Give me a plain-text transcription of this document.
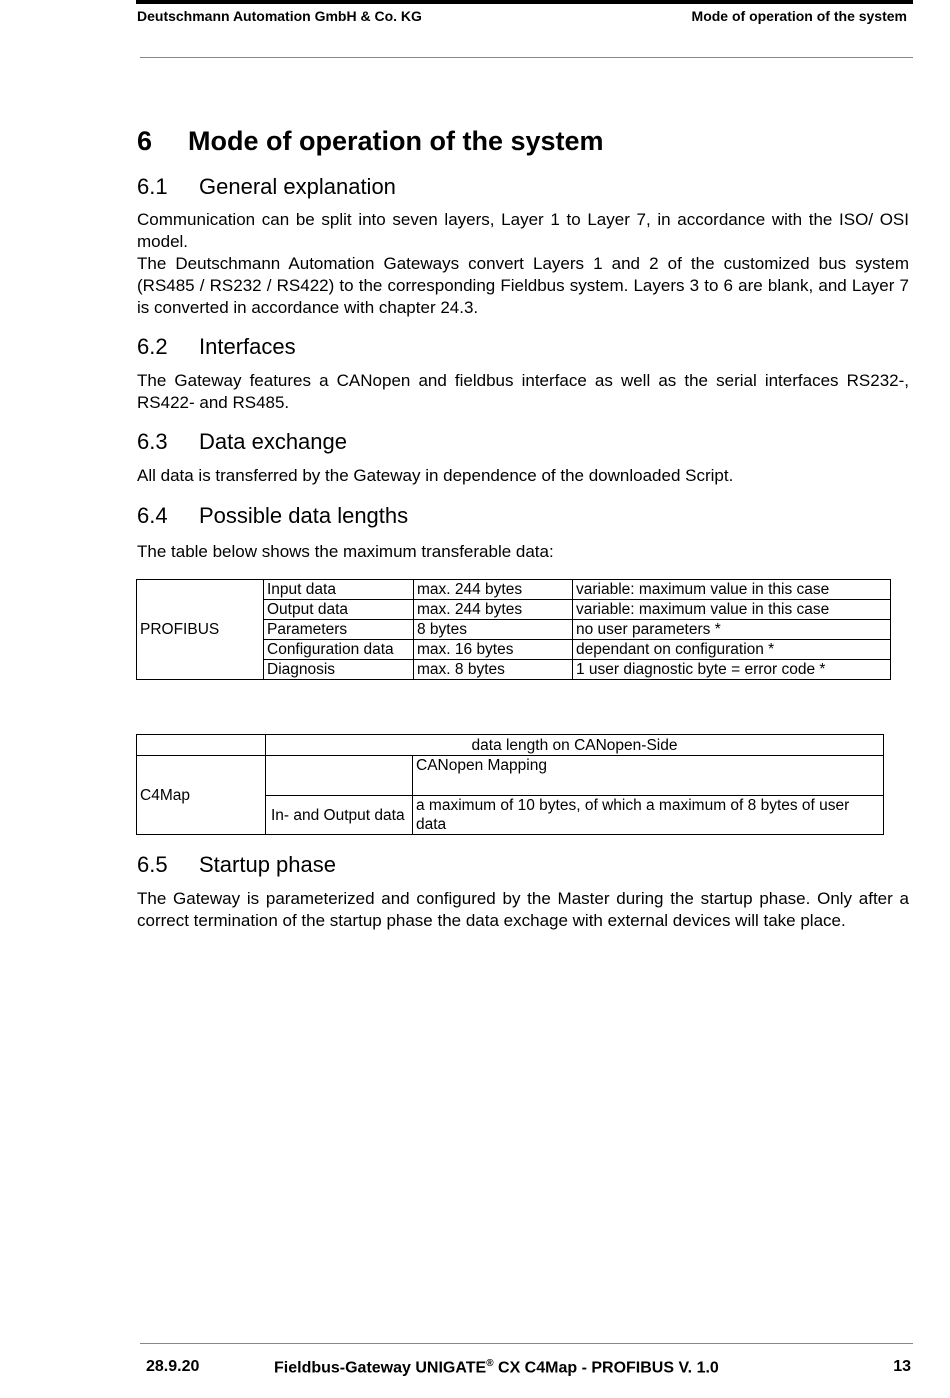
Deutschmann Automation GmbH & Co. KG	Mode of operation of the system
6 Mode of operation of the system
6.1 General explanation
Communication can be split into seven layers, Layer 1 to Layer 7, in accordance with the ISO/ OSI model.
The Deutschmann Automation Gateways convert Layers 1 and 2 of the customized bus system (RS485 / RS232 / RS422) to the corresponding Fieldbus system. Layers 3 to 6 are blank, and Layer 7 is converted in accordance with chapter 24.3.
6.2 Interfaces
The Gateway features a CANopen and fieldbus interface as well as the serial interfaces RS232-, RS422- and RS485.
6.3 Data exchange
All data is transferred by the Gateway in dependence of the downloaded Script.
6.4 Possible data lengths
The table below shows the maximum transferable data:
PROFIBUS	Input data	max. 244 bytes	variable: maximum value in this case
	Output data	max. 244 bytes	variable: maximum value in this case
	Parameters	8 bytes	no user parameters *
	Configuration data	max. 16 bytes	dependant on configuration *
	Diagnosis	max. 8 bytes	1 user diagnostic byte = error code *
	data length on CANopen-Side	
C4Map		CANopen Mapping
	In- and Output data	a maximum of 10 bytes, of which a maximum of 8 bytes of user data
6.5 Startup phase
The Gateway is parameterized and configured by the Master during the startup phase. Only after a correct termination of the startup phase the data exchage with external devices will take place.
28.9.20	Fieldbus-Gateway UNIGATE® CX C4Map - PROFIBUS V. 1.0	13
